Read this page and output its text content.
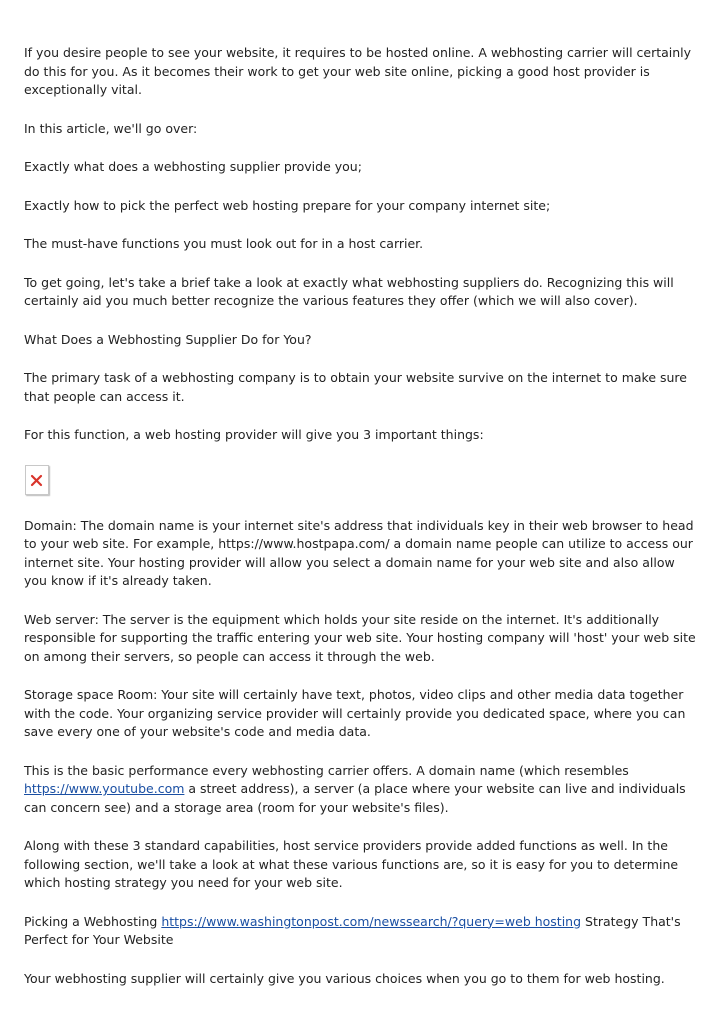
If you desire people to see your website, it requires to be hosted online. A webhosting carrier will certainly do this for you. As it becomes their work to get your web site online, picking a good host provider is exceptionally vital.

In this article, we'll go over:

Exactly what does a webhosting supplier provide you;

Exactly how to pick the perfect web hosting prepare for your company internet site;

The must-have functions you must look out for in a host carrier.

To get going, let's take a brief take a look at exactly what webhosting suppliers do. Recognizing this will certainly aid you much better recognize the various features they offer (which we will also cover).

What Does a Webhosting Supplier Do for You?

The primary task of a webhosting company is to obtain your website survive on the internet to make sure that people can access it.

For this function, a web hosting provider will give you 3 important things:

Domain: The domain name is your internet site's address that individuals key in their web browser to head to your web site. For example, https://www.hostpapa.com/ a domain name people can utilize to access our internet site. Your hosting provider will allow you select a domain name for your web site and also allow you know if it's already taken.

Web server: The server is the equipment which holds your site reside on the internet. It's additionally responsible for supporting the traffic entering your web site. Your hosting company will 'host' your web site on among their servers, so people can access it through the web.

Storage space Room: Your site will certainly have text, photos, video clips and other media data together with the code. Your organizing service provider will certainly provide you dedicated space, where you can save every one of your website's code and media data.

This is the basic performance every webhosting carrier offers. A domain name (which resembles https://www.youtube.com a street address), a server (a place where your website can live and individuals can concern see) and a storage area (room for your website's files).

Along with these 3 standard capabilities, host service providers provide added functions as well. In the following section, we'll take a look at what these various functions are, so it is easy for you to determine which hosting strategy you need for your web site.

Picking a Webhosting https://www.washingtonpost.com/newssearch/?query=web hosting Strategy That's Perfect for Your Website

Your webhosting supplier will certainly give you various choices when you go to them for web hosting.
